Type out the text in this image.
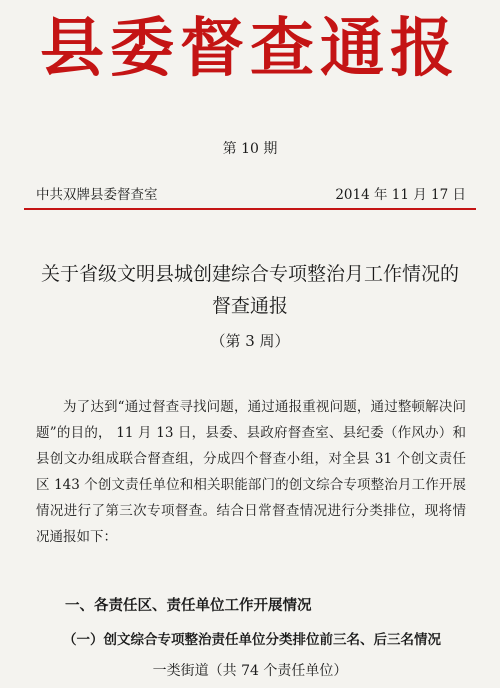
县委督查通报
第 10 期
中共双牌县委督查室	2014 年 11 月 17 日
关于省级文明县城创建综合专项整治月工作情况的督查通报
（第 3 周）

为了达到“通过督查寻找问题，通过通报重视问题，通过整顿解决问题”的目的， 11 月 13 日，县委、县政府督查室、县纪委（作风办）和县创文办组成联合督查组，分成四个督查小组，对全县 31 个创文责任区 143 个创文责任单位和相关职能部门的创文综合专项整治月工作开展情况进行了第三次专项督查。结合日常督查情况进行分类排位，现将情况通报如下：

一、各责任区、责任单位工作开展情况
（一）创文综合专项整治责任单位分类排位前三名、后三名情况
一类街道（共 74 个责任单位）
